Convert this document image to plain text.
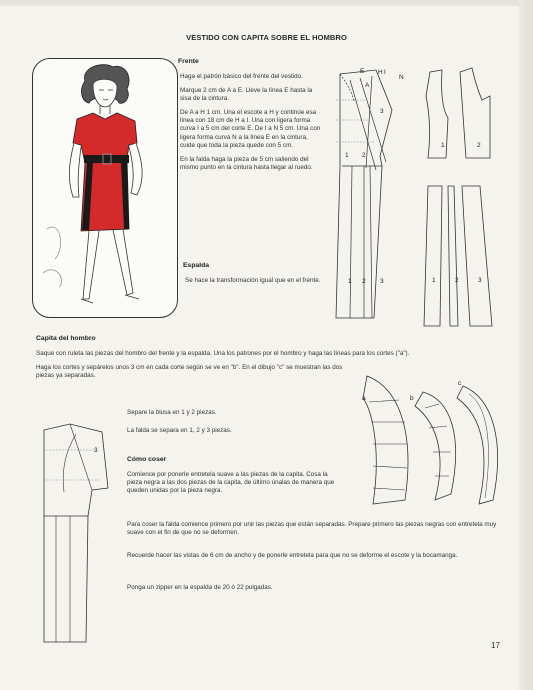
VESTIDO CON CAPITA SOBRE EL HOMBRO
Frente

Haga el patrón básico del frente del vestido.

Marque 2 cm de A a E. Lleve la línea E hasta la sisa de la cintura.

De A a H 1 cm. Una el escote a H y continúe esa línea con 18 cm de H a I. Una con ligera forma curva I a 5 cm del corte E. De I a N 5 cm. Una con ligera forma curva N a la línea E en la cintura, cuide que toda la pieza quede con 5 cm.

En la falda haga la pieza de 5 cm saliendo del mismo punto en la cintura hasta llegar al ruedo.

Espalda

Se hace la transformación igual que en el frente.

E
A
H I
N
1 2
3
1 2 3
1	2
1	2	3
Capita del hombro

Saque con ruleta las piezas del hombro del frente y la espalda. Una los patrones por el hombro y haga las líneas para los cortes ("a").

Haga los cortes y sepárelos unos 3 cm en cada corte según se ve en "b". En el dibujo "c" se muestran las dos piezas ya separadas.

Separe la blusa en 1 y 2 piezas.
La falda se separa en 1, 2 y 3 piezas.
a	b
c
3
Cómo coser
Comience por ponerle entretela suave a las piezas de la capita. Cosa la pieza negra a las dos piezas de la capita, de último únalas de manera que queden unidas por la pieza negra.
Para coser la falda comience primero por unir las piezas que están separadas. Prepare primero las piezas negras con entretela muy suave con el fin de que no se deformen.
Recuerde hacer las vistas de 6 cm de ancho y de ponerle entretela para que no se deforme el escote y la bocamanga.
Ponga un zipper en la espalda de 20 ó 22 pulgadas.
17
